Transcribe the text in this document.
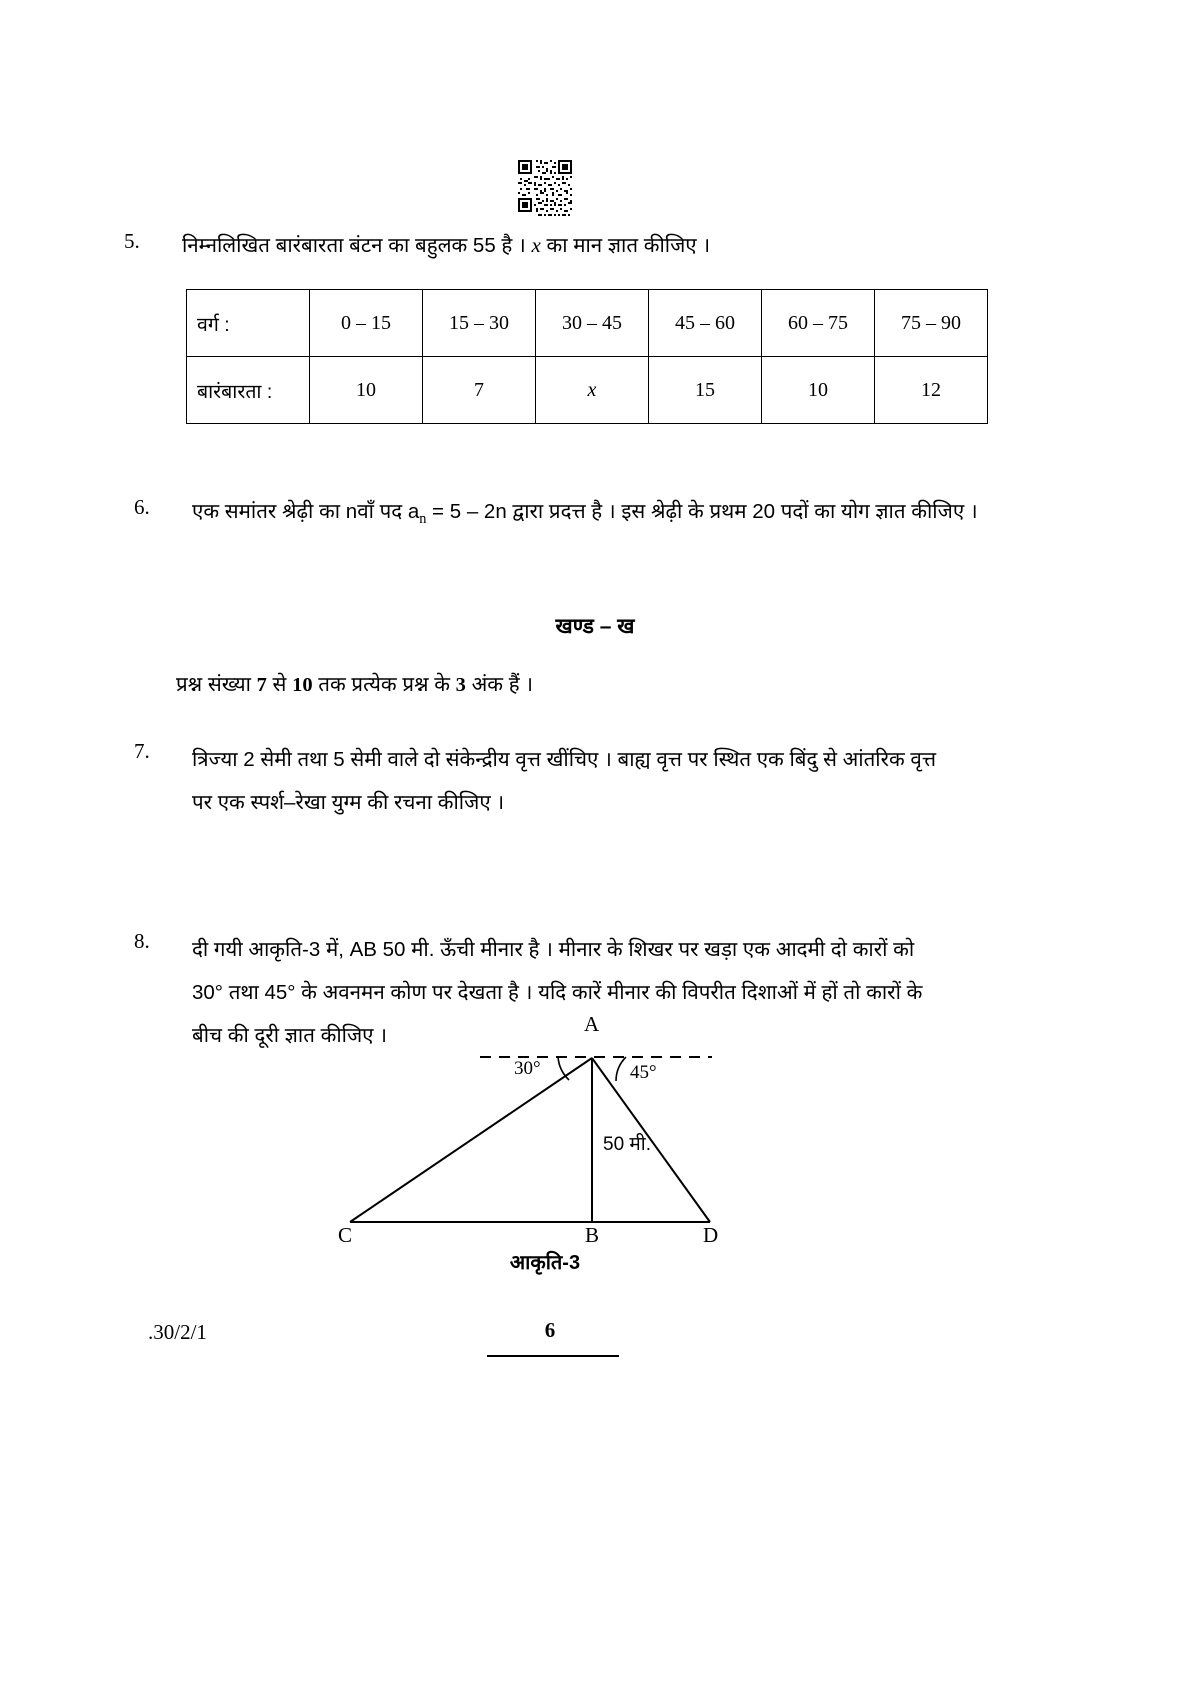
5.	निम्नलिखित बारंबारता बंटन का बहुलक 55 है । x का मान ज्ञात कीजिए ।
वर्ग :	0 – 15	15 – 30	30 – 45	45 – 60	60 – 75	75 – 90
बारंबारता :	10	7	x	15	10	12
6.	एक समांतर श्रेढ़ी का nवाँ पद $a_n = 5 - 2n$ द्वारा प्रदत्त है । इस श्रेढ़ी के प्रथम 20 पदों का योग ज्ञात कीजिए ।
खण्ड – ख
प्रश्न संख्या 7 से 10 तक प्रत्येक प्रश्न के 3 अंक हैं ।
7.	त्रिज्या 2 सेमी तथा 5 सेमी वाले दो संकेन्द्रीय वृत्त खींचिए । बाह्य वृत्त पर स्थित एक बिंदु से आंतरिक वृत्त
पर एक स्पर्श–रेखा युग्म की रचना कीजिए ।
8.	दी गयी आकृति-3 में, AB 50 मी. ऊँची मीनार है । मीनार के शिखर पर खड़ा एक आदमी दो कारों को
30° तथा 45° के अवनमन कोण पर देखता है । यदि कारें मीनार की विपरीत दिशाओं में हों तो कारों के
बीच की दूरी ज्ञात कीजिए ।	A
C	B	D
30°	45°
50 मी.
आकृति-3
.30/2/1	6
